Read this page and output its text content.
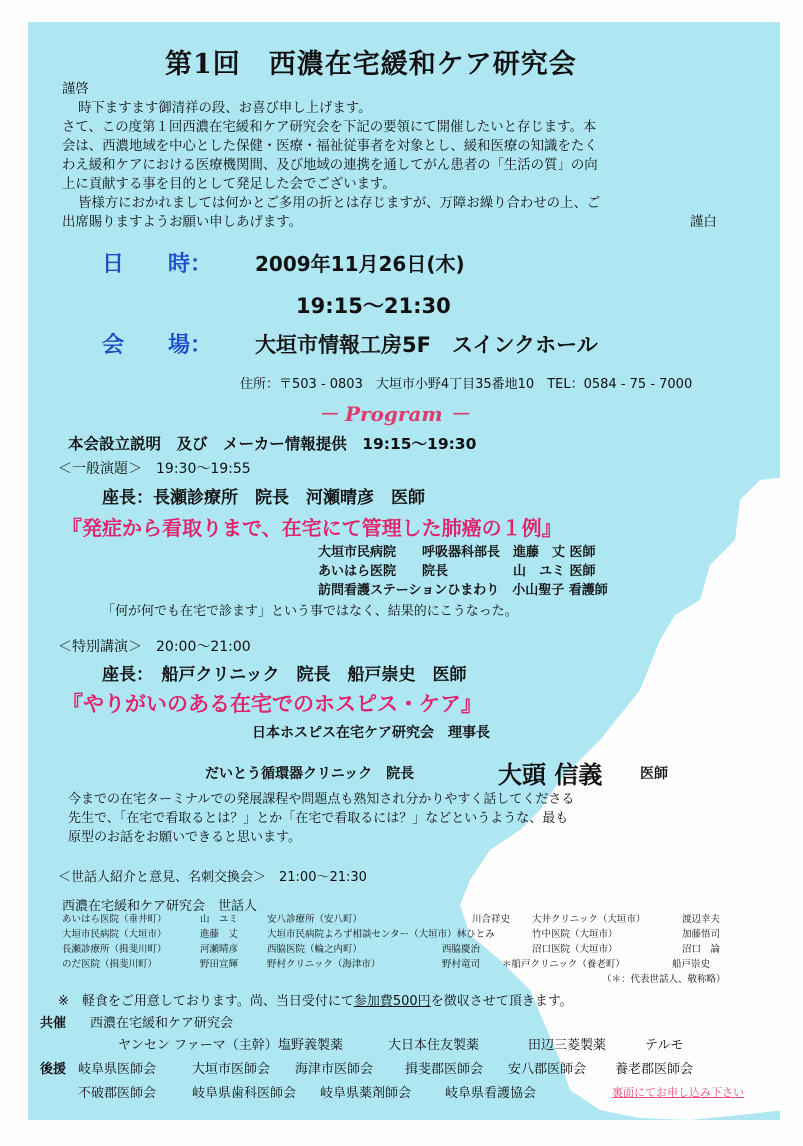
第1回　西濃在宅緩和ケア研究会
謹啓
時下ますます御清祥の段、お喜び申し上げます。
さて、この度第１回西濃在宅緩和ケア研究会を下記の要領にて開催したいと存じます。本
会は、西濃地域を中心とした保健・医療・福祉従事者を対象とし、緩和医療の知識をたく
わえ緩和ケアにおける医療機関間、及び地域の連携を通してがん患者の「生活の質」の向
上に貢献する事を目的として発足した会でございます。
皆様方におかれましては何かとご多用の折とは存じますが、万障お繰り合わせの上、ご
出席賜りますようお願い申しあげます。	謹白
日　　時： 2009年11月26日(木)
19:15〜21:30
会　　場： 大垣市情報工房5F　スインクホール
住所：〒503 - 0803　大垣市小野4丁目35番地10　TEL：0584 - 75 - 7000
－ Program －
本会設立説明　及び　メーカー情報提供　19:15〜19:30
＜一般演題＞　19:30〜19:55
座長：長瀬診療所　院長　河瀬晴彦　医師
『発症から看取りまで、在宅にて管理した肺癌の１例』
大垣市民病院　　呼吸器科部長　進藤　丈 医師
あいはら医院　　院長　　　　　山　ユミ 医師
訪問看護ステーションひまわり　小山聖子 看護師
「何が何でも在宅で診ます」という事ではなく、結果的にこうなった。
＜特別講演＞　20:00〜21:00
座長：　船戸クリニック　院長　船戸崇史　医師
『やりがいのある在宅でのホスピス・ケア』
日本ホスピス在宅ケア研究会　理事長
だいとう循環器クリニック　院長	大頭 信義	医師
今までの在宅ターミナルでの発展課程や問題点も熟知され分かりやすく話してくださる
先生で、「在宅で看取るとは？」とか「在宅で看取るには？」などというような、最も
原型のお話をお願いできると思います。
＜世話人紹介と意見、名刺交換会＞　21:00〜21:30
西濃在宅緩和ケア研究会　世話人
あいはら医院（垂井町）	山　ユミ	安八診療所（安八町）	川合祥史 大井クリニック（大垣市）	渡辺幸夫
大垣市民病院（大垣市）	進藤　丈	大垣市民病院よろず相談センター（大垣市）林ひとみ	竹中医院（大垣市）	加藤悟司
長瀬診療所（揖斐川町）	河瀬晴彦	西脇医院（輪之内町）	西脇慶治	沼口医院（大垣市）	沼口　論
のだ医院（揖斐川町）	野田宣輝	野村クリニック（海津市）	野村竜司 ＊船戸クリニック（養老町）	船戸崇史
（＊：代表世話人、敬称略）
※　軽食をご用意しております。尚、当日受付にて参加費500円を徴収させて頂きます。
共催 西濃在宅緩和ケア研究会
ヤンセン ファーマ（主幹） 塩野義製薬	大日本住友製薬	田辺三菱製薬	テルモ
後援 岐阜県医師会	大垣市医師会 海津市医師会 揖斐郡医師会 安八郡医師会 養老郡医師会
不破郡医師会	岐阜県歯科医師会 岐阜県薬剤師会	岐阜県看護協会	裏面にてお申し込み下さい
